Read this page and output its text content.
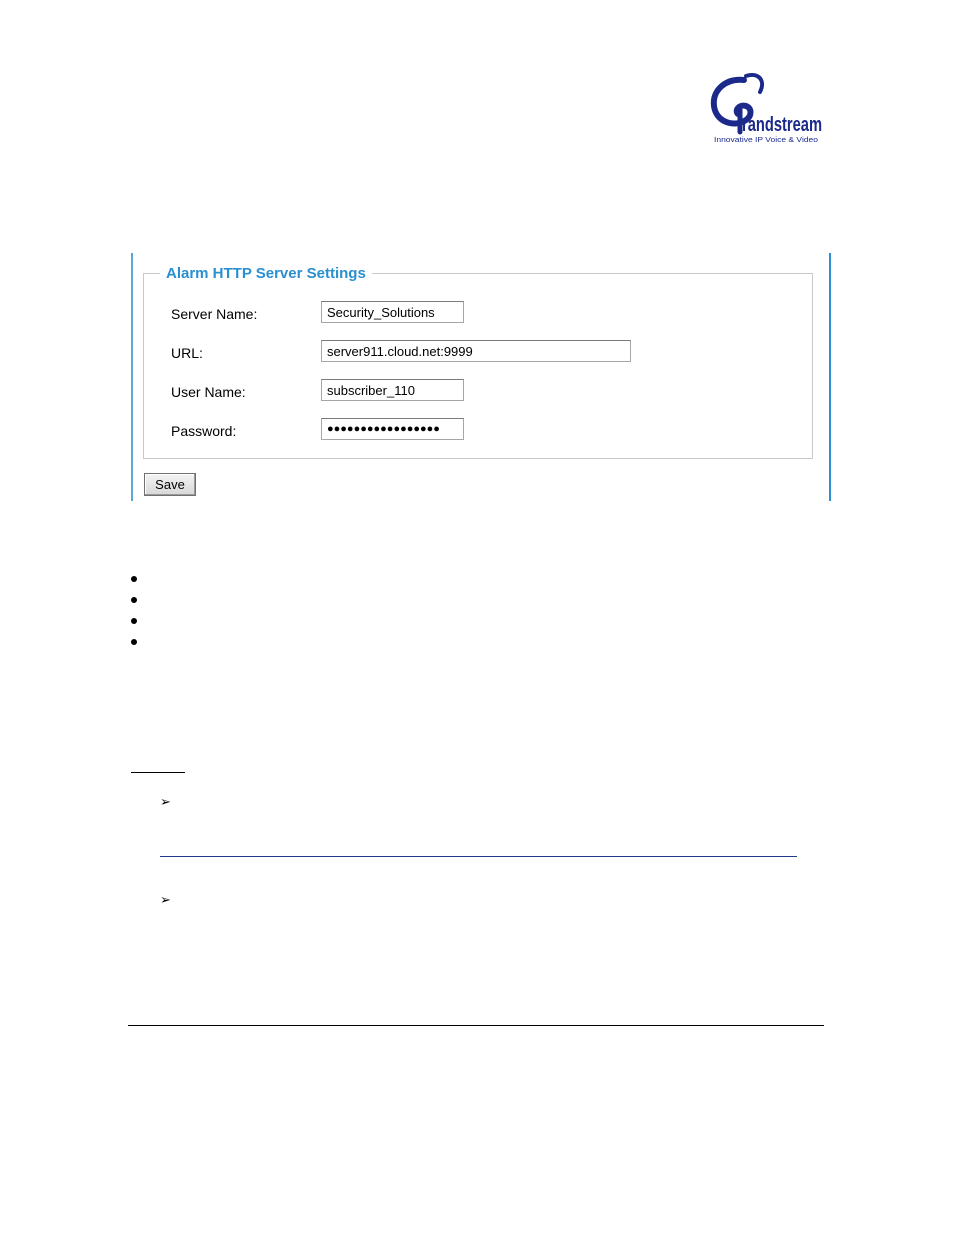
randstream
Innovative IP Voice & Video
Server Name:
Security_Solutions
URL:
server911.cloud.net:9999
User Name:
subscriber_110
Password:
●●●●●●●●●●●●●●●●●
Alarm HTTP Server Settings
Save
➢
➢
